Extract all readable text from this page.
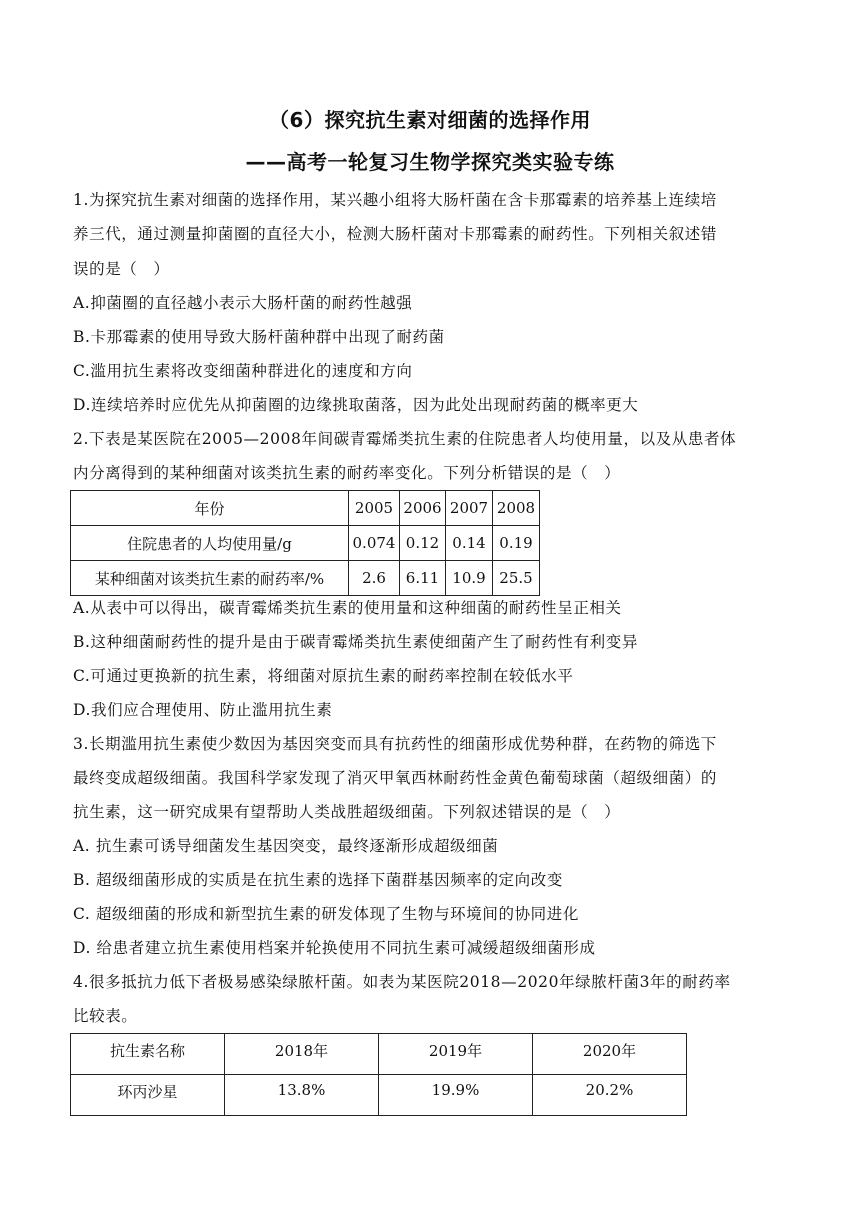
（6）探究抗生素对细菌的选择作用
——高考一轮复习生物学探究类实验专练
1.为探究抗生素对细菌的选择作用，某兴趣小组将大肠杆菌在含卡那霉素的培养基上连续培
养三代，通过测量抑菌圈的直径大小，检测大肠杆菌对卡那霉素的耐药性。下列相关叙述错
误的是（　）
A.抑菌圈的直径越小表示大肠杆菌的耐药性越强
B.卡那霉素的使用导致大肠杆菌种群中出现了耐药菌
C.滥用抗生素将改变细菌种群进化的速度和方向
D.连续培养时应优先从抑菌圈的边缘挑取菌落，因为此处出现耐药菌的概率更大
2.下表是某医院在2005—2008年间碳青霉烯类抗生素的住院患者人均使用量，以及从患者体
内分离得到的某种细菌对该类抗生素的耐药率变化。下列分析错误的是（　）
年份	2005	2006	2007	2008
住院患者的人均使用量/g	0.074	0.12	0.14	0.19
某种细菌对该类抗生素的耐药率/%	2.6	6.11	10.9	25.5
A.从表中可以得出，碳青霉烯类抗生素的使用量和这种细菌的耐药性呈正相关
B.这种细菌耐药性的提升是由于碳青霉烯类抗生素使细菌产生了耐药性有利变异
C.可通过更换新的抗生素，将细菌对原抗生素的耐药率控制在较低水平
D.我们应合理使用、防止滥用抗生素
3.长期滥用抗生素使少数因为基因突变而具有抗药性的细菌形成优势种群，在药物的筛选下
最终变成超级细菌。我国科学家发现了消灭甲氧西林耐药性金黄色葡萄球菌（超级细菌）的
抗生素，这一研究成果有望帮助人类战胜超级细菌。下列叙述错误的是（　）
A. 抗生素可诱导细菌发生基因突变，最终逐渐形成超级细菌
B. 超级细菌形成的实质是在抗生素的选择下菌群基因频率的定向改变
C. 超级细菌的形成和新型抗生素的研发体现了生物与环境间的协同进化
D. 给患者建立抗生素使用档案并轮换使用不同抗生素可减缓超级细菌形成
4.很多抵抗力低下者极易感染绿脓杆菌。如表为某医院2018—2020年绿脓杆菌3年的耐药率
比较表。
抗生素名称	2018年	2019年	2020年
环丙沙星	13.8%	19.9%	20.2%
